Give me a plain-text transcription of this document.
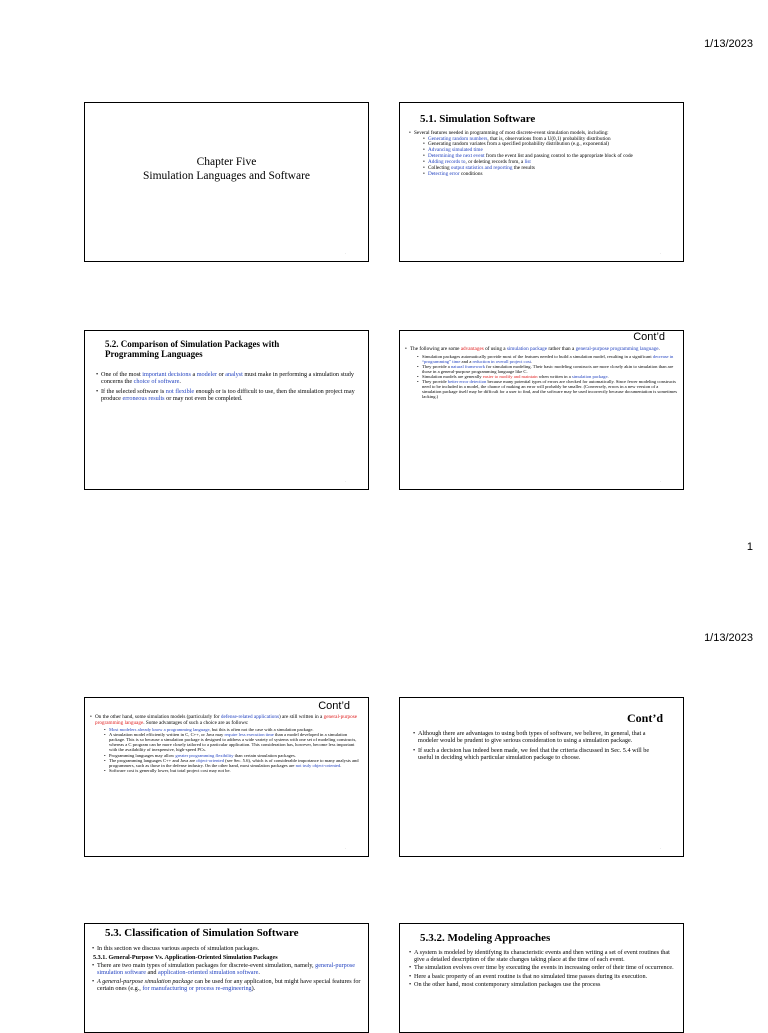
1/13/2023
Chapter Five
Simulation Languages and Software
·
5.1. Simulation Software
• Several features needed in programming of most discrete-event simulation models, including:
• Generating random numbers, that is, observations from a U(0,1) probability distribution
• Generating random variates from a specified probability distribution (e.g., exponential)
• Advancing simulated time
• Determining the next event from the event list and passing control to the appropriate block of code
• Adding records to, or deleting records from, a list
• Collecting output statistics and reporting the results
• Detecting error conditions
·
5.2. Comparison of Simulation Packages with Programming Languages
• One of the most important decisions a modeler or analyst must make in performing a simulation study concerns the choice of software.
• If the selected software is not flexible enough or is too difficult to use, then the simulation project may produce erroneous results or may not even be completed.
·
Cont’d
• The following are some advantages of using a simulation package rather than a general-purpose programming language.
• Simulation packages automatically provide most of the features needed to build a simulation model, resulting in a significant decrease in “programming” time and a reduction in overall project cost.
• They provide a natural framework for simulation modeling. Their basic modeling constructs are more closely akin to simulation than are those in a general-purpose programming language like C.
• Simulation models are generally easier to modify and maintain when written in a simulation package.
• They provide better error detection because many potential types of errors are checked for automatically. Since fewer modeling constructs need to be included in a model, the chance of making an error will probably be smaller. (Conversely, errors in a new version of a simulation package itself may be difficult for a user to find, and the software may be used incorrectly because documentation is sometimes lacking.)
·
1
1/13/2023
Cont’d
• On the other hand, some simulation models (particularly for defense-related applications) are still written in a general-purpose programming language. Some advantages of such a choice are as follows:
• Most modelers already know a programming language, but this is often not the case with a simulation package.
• A simulation model efficiently written in C, C++, or Java may require less execution time than a model developed in a simulation package. This is so because a simulation package is designed to address a wide variety of systems with one set of modeling constructs, whereas a C program can be more closely tailored to a particular application. This consideration has, however, become less important with the availability of inexpensive, high-speed PCs.
• Programming languages may allow greater programming flexibility than certain simulation packages.
• The programming languages C++ and Java are object-oriented (see Sec. 5.6), which is of considerable importance to many analysts and programmers, such as those in the defense industry. On the other hand, most simulation packages are not truly object-oriented.
• Software cost is generally lower, but total project cost may not be.
·
Cont’d
• Although there are advantages to using both types of software, we believe, in general, that a modeler would be prudent to give serious consideration to using a simulation package.
• If such a decision has indeed been made, we feel that the criteria discussed in Sec. 5.4 will be useful in deciding which particular simulation package to choose.
·
5.3. Classification of Simulation Software
• In this section we discuss various aspects of simulation packages.
5.3.1. General-Purpose Vs. Application-Oriented Simulation Packages
• There are two main types of simulation packages for discrete-event simulation, namely, general-purpose simulation software and application-oriented simulation software.
• A general-purpose simulation package can be used for any application, but might have special features for certain ones (e.g., for manufacturing or process re-engineering).
5.3.2. Modeling Approaches
• A system is modeled by identifying its characteristic events and then writing a set of event routines that give a detailed description of the state changes taking place at the time of each event.
• The simulation evolves over time by executing the events in increasing order of their time of occurrence.
• Here a basic property of an event routine is that no simulated time passes during its execution.
• On the other hand, most contemporary simulation packages use the process
